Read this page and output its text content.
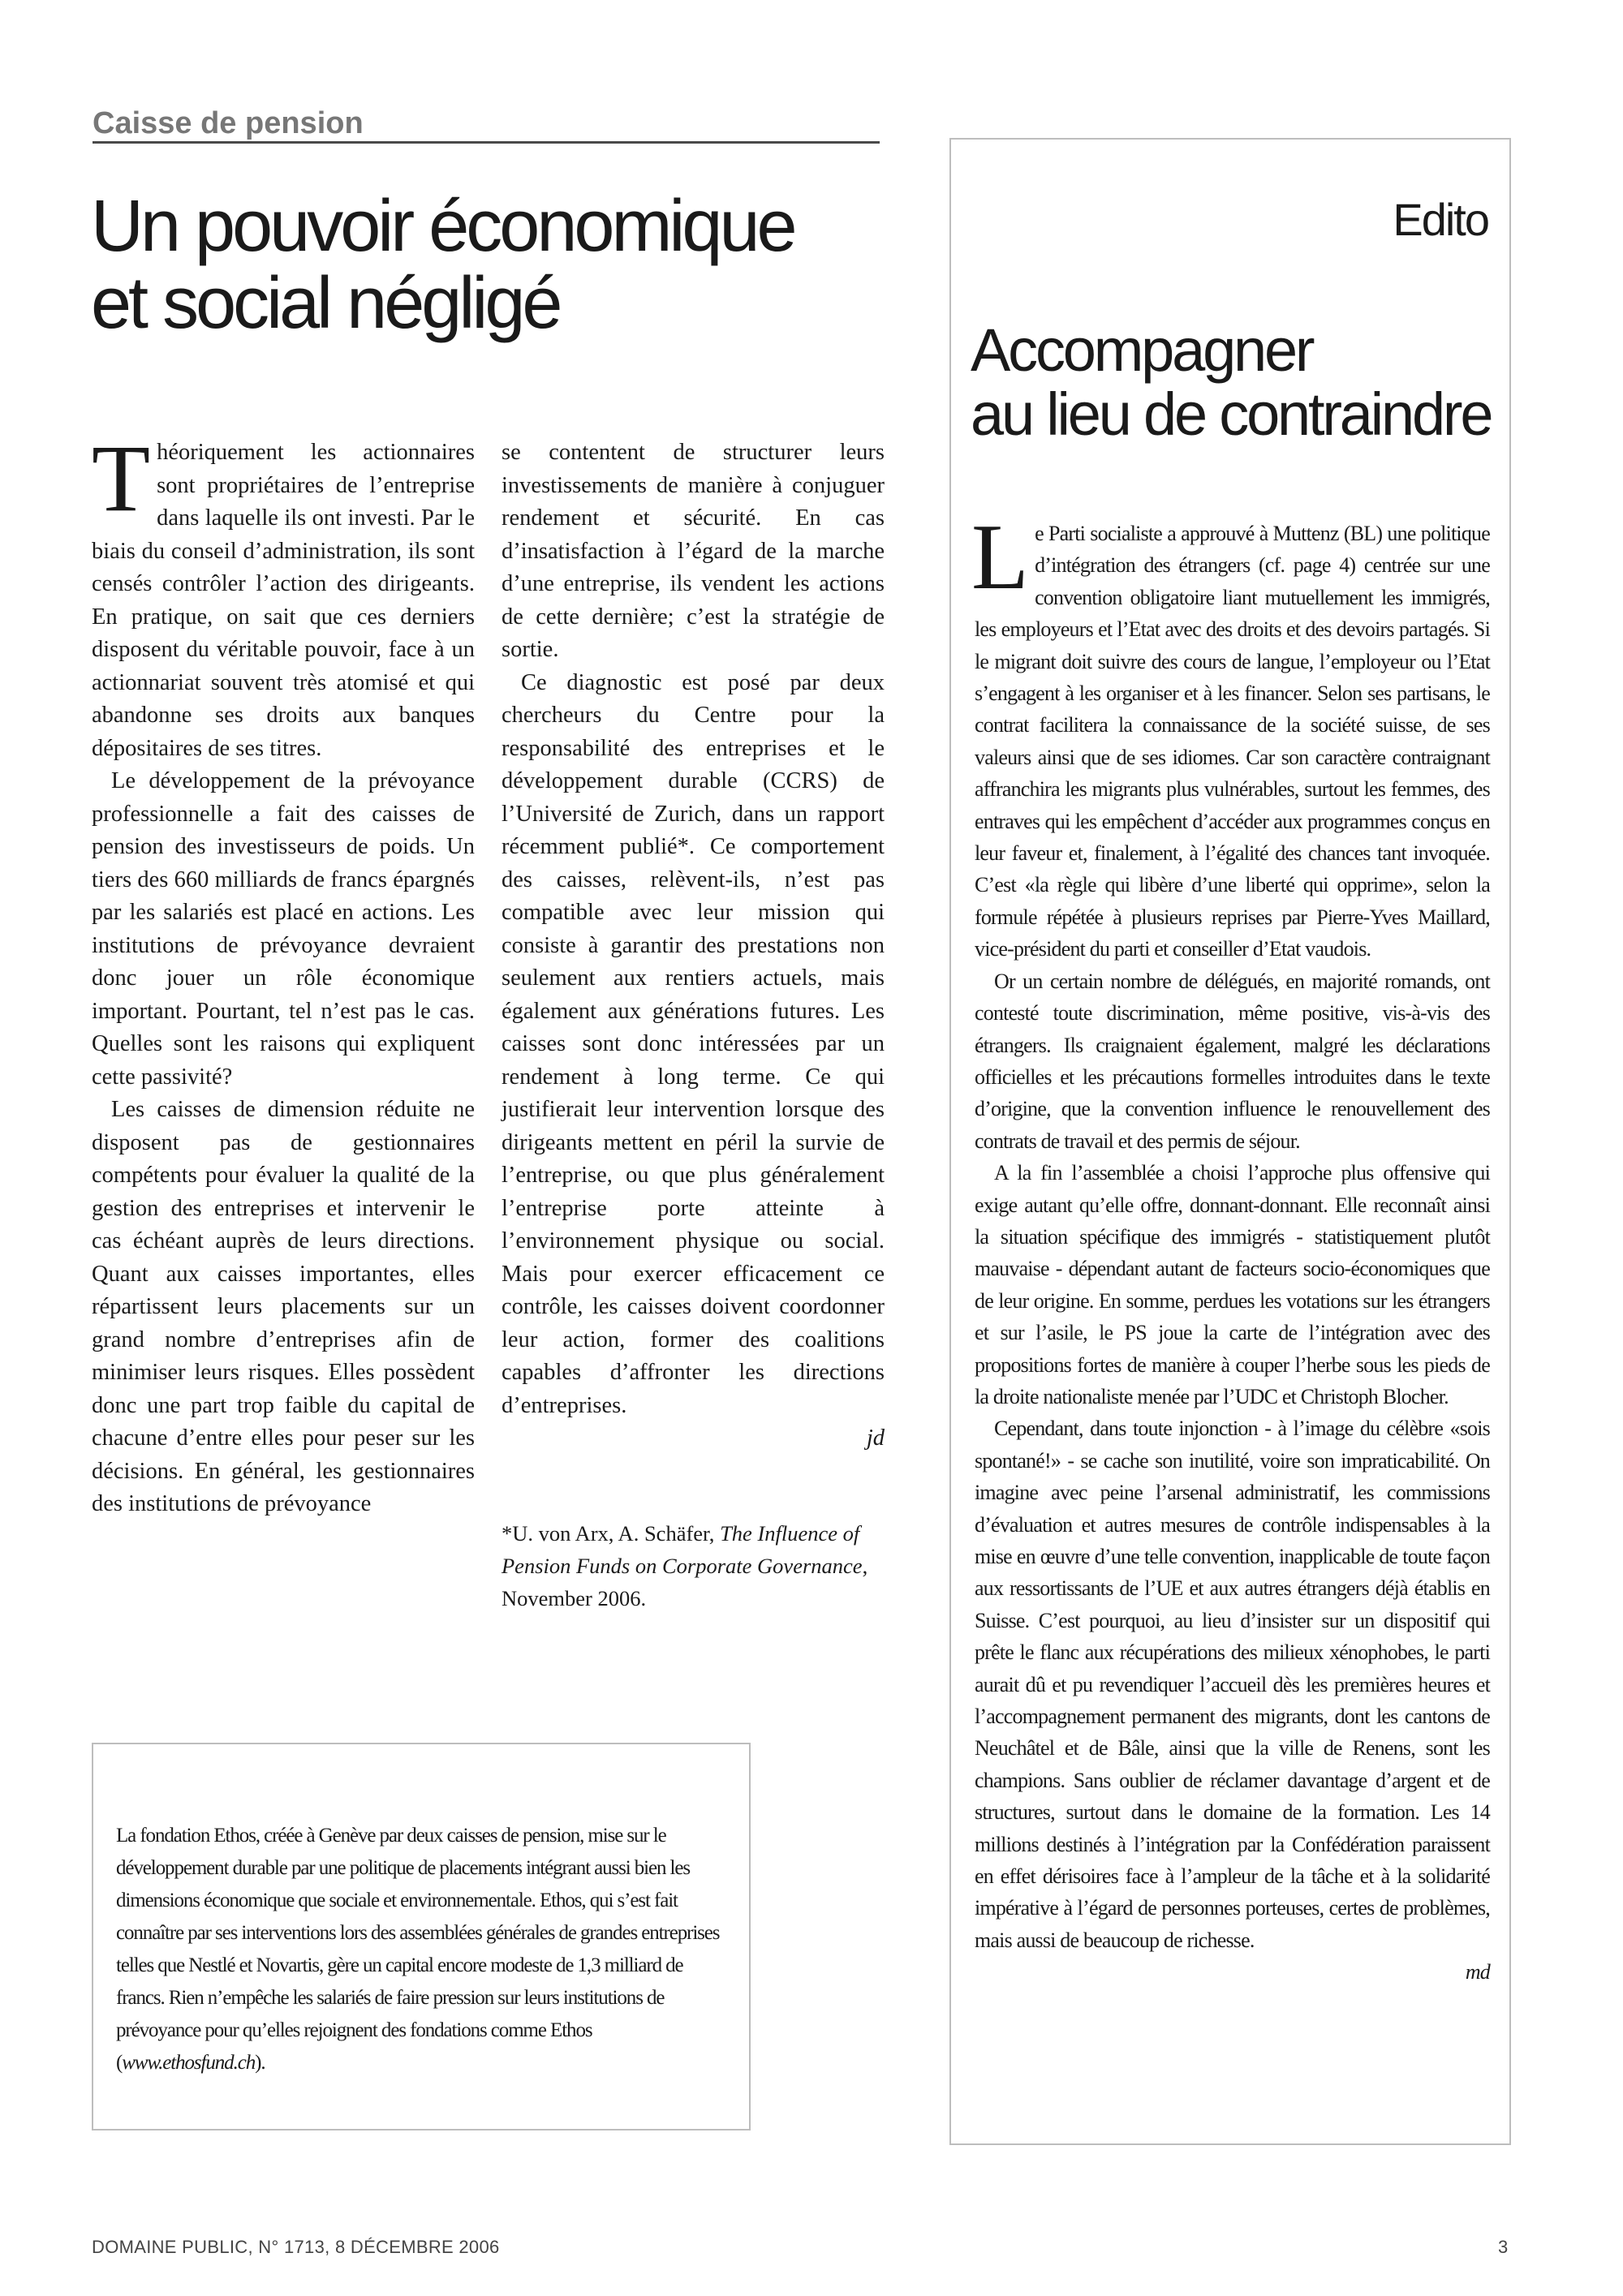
Caisse de pension
Un pouvoir économique
et social négligé

Théoriquement les actionnaires sont propriétaires de l’entreprise dans laquelle ils ont investi. Par le biais du conseil d’administration, ils sont censés contrôler l’action des dirigeants. En pratique, on sait que ces derniers disposent du véritable pouvoir, face à un actionnariat souvent très atomisé et qui abandonne ses droits aux banques dépositaires de ses titres.

Le développement de la prévoyance professionnelle a fait des caisses de pension des investisseurs de poids. Un tiers des 660 milliards de francs épargnés par les salariés est placé en actions. Les institutions de prévoyance devraient donc jouer un rôle économique important. Pourtant, tel n’est pas le cas. Quelles sont les raisons qui expliquent cette passivité?

Les caisses de dimension réduite ne disposent pas de gestionnaires compétents pour évaluer la qualité de la gestion des entreprises et intervenir le cas échéant auprès de leurs directions. Quant aux caisses importantes, elles répartissent leurs placements sur un grand nombre d’entreprises afin de minimiser leurs risques. Elles possèdent donc une part trop faible du capital de chacune d’entre elles pour peser sur les décisions. En général, les gestionnaires des institutions de prévoyance

se contentent de structurer leurs investissements de manière à conjuguer rendement et sécurité. En cas d’insatisfaction à l’égard de la marche d’une entreprise, ils vendent les actions de cette dernière; c’est la stratégie de sortie.

Ce diagnostic est posé par deux chercheurs du Centre pour la responsabilité des entreprises et le développement durable (CCRS) de l’Université de Zurich, dans un rapport récemment publié*. Ce comportement des caisses, relèvent-ils, n’est pas compatible avec leur mission qui consiste à garantir des prestations non seulement aux rentiers actuels, mais également aux générations futures. Les caisses sont donc intéressées par un rendement à long terme. Ce qui justifierait leur intervention lorsque des dirigeants mettent en péril la survie de l’entreprise, ou que plus généralement l’entreprise porte atteinte à l’environnement physique ou social. Mais pour exercer efficacement ce contrôle, les caisses doivent coordonner leur action, former des coalitions capables d’affronter les directions d’entreprises.

jd

*U. von Arx, A. Schäfer, The Influence of Pension Funds on Corporate Governance, November 2006.

La fondation Ethos, créée à Genève par deux caisses de pension, mise sur le développement durable par une politique de placements intégrant aussi bien les dimensions économique que sociale et environnementale. Ethos, qui s’est fait connaître par ses interventions lors des assemblées générales de grandes entreprises telles que Nestlé et Novartis, gère un capital encore modeste de 1,3 milliard de francs. Rien n’empêche les salariés de faire pression sur leurs institutions de prévoyance pour qu’elles rejoignent des fondations comme Ethos (www.ethosfund.ch).

Edito
Accompagner
au lieu de contraindre

Le Parti socialiste a approuvé à Muttenz (BL) une politique d’intégration des étrangers (cf. page 4) centrée sur une convention obligatoire liant mutuellement les immigrés, les employeurs et l’Etat avec des droits et des devoirs partagés. Si le migrant doit suivre des cours de langue, l’employeur ou l’Etat s’engagent à les organiser et à les financer. Selon ses partisans, le contrat facilitera la connaissance de la société suisse, de ses valeurs ainsi que de ses idiomes. Car son caractère contraignant affranchira les migrants plus vulnérables, surtout les femmes, des entraves qui les empêchent d’accéder aux programmes conçus en leur faveur et, finalement, à l’égalité des chances tant invoquée. C’est «la règle qui libère d’une liberté qui opprime», selon la formule répétée à plusieurs reprises par Pierre-Yves Maillard, vice-président du parti et conseiller d’Etat vaudois.

Or un certain nombre de délégués, en majorité romands, ont contesté toute discrimination, même positive, vis-à-vis des étrangers. Ils craignaient également, malgré les déclarations officielles et les précautions formelles introduites dans le texte d’origine, que la convention influence le renouvellement des contrats de travail et des permis de séjour.

A la fin l’assemblée a choisi l’approche plus offensive qui exige autant qu’elle offre, donnant-donnant. Elle reconnaît ainsi la situation spécifique des immigrés - statistiquement plutôt mauvaise - dépendant autant de facteurs socio-économiques que de leur origine. En somme, perdues les votations sur les étrangers et sur l’asile, le PS joue la carte de l’intégration avec des propositions fortes de manière à couper l’herbe sous les pieds de la droite nationaliste menée par l’UDC et Christoph Blocher.

Cependant, dans toute injonction - à l’image du célèbre «sois spontané!» - se cache son inutilité, voire son impraticabilité. On imagine avec peine l’arsenal administratif, les commissions d’évaluation et autres mesures de contrôle indispensables à la mise en œuvre d’une telle convention, inapplicable de toute façon aux ressortissants de l’UE et aux autres étrangers déjà établis en Suisse. C’est pourquoi, au lieu d’insister sur un dispositif qui prête le flanc aux récupérations des milieux xénophobes, le parti aurait dû et pu revendiquer l’accueil dès les premières heures et l’accompagnement permanent des migrants, dont les cantons de Neuchâtel et de Bâle, ainsi que la ville de Renens, sont les champions. Sans oublier de réclamer davantage d’argent et de structures, surtout dans le domaine de la formation. Les 14 millions destinés à l’intégration par la Confédération paraissent en effet dérisoires face à l’ampleur de la tâche et à la solidarité impérative à l’égard de personnes porteuses, certes de problèmes, mais aussi de beaucoup de richesse.

md
DOMAINE PUBLIC, N° 1713, 8 DÉCEMBRE 2006	3
